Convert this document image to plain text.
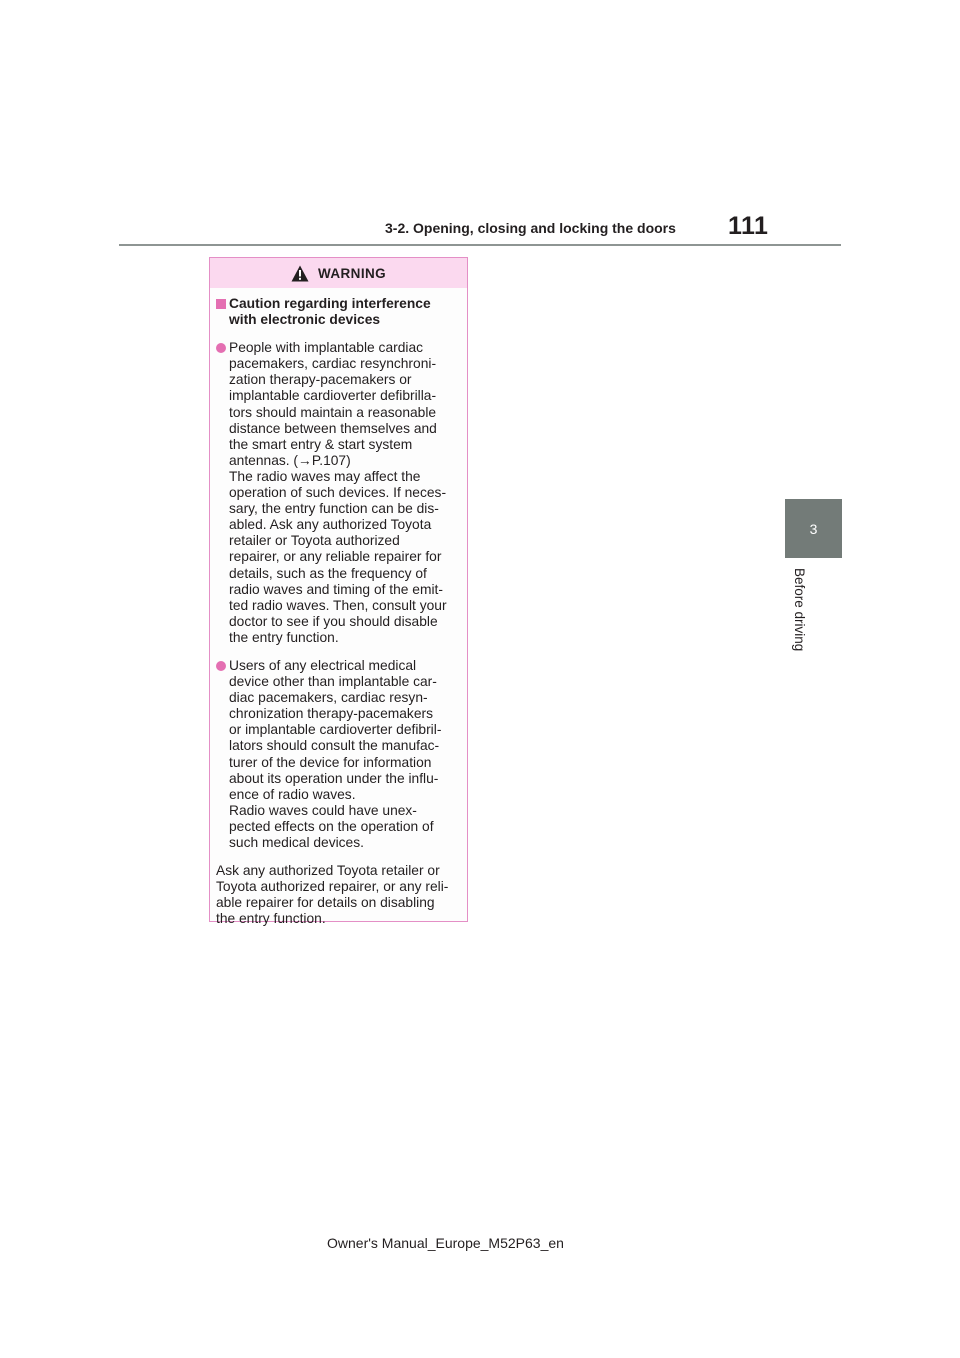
111
3-2. Opening, closing and locking the doors
3
Before driving
WARNING
Caution regarding interference
with electronic devices
People with implantable cardiac
pacemakers, cardiac resynchroni-
zation therapy-pacemakers or
implantable cardioverter defibrilla-
tors should maintain a reasonable
distance between themselves and
the smart entry & start system
antennas. (→P.107)
The radio waves may affect the
operation of such devices. If neces-
sary, the entry function can be dis-
abled. Ask any authorized Toyota
retailer or Toyota authorized
repairer, or any reliable repairer for
details, such as the frequency of
radio waves and timing of the emit-
ted radio waves. Then, consult your
doctor to see if you should disable
the entry function.
Users of any electrical medical
device other than implantable car-
diac pacemakers, cardiac resyn-
chronization therapy-pacemakers
or implantable cardioverter defibril-
lators should consult the manufac-
turer of the device for information
about its operation under the influ-
ence of radio waves.
Radio waves could have unex-
pected effects on the operation of
such medical devices.
Ask any authorized Toyota retailer or
Toyota authorized repairer, or any reli-
able repairer for details on disabling
the entry function.
Owner's Manual_Europe_M52P63_en
